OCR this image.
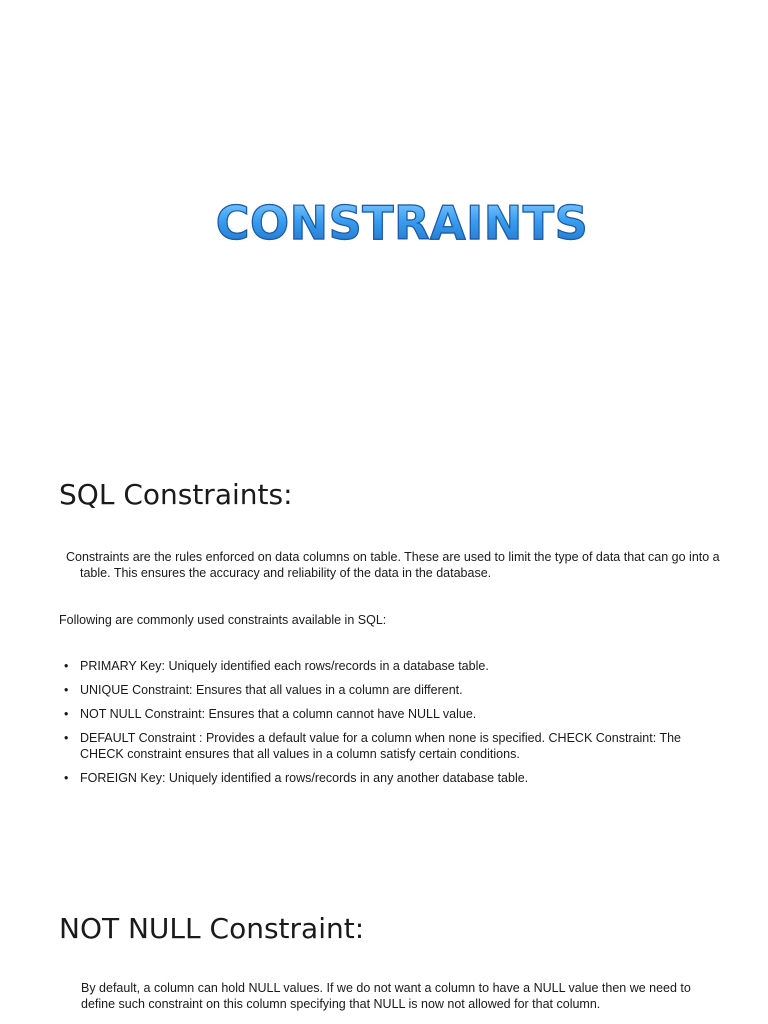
CONSTRAINTS
SQL Constraints:

Constraints are the rules enforced on data columns on table. These are used to limit the type of data that can go into a table. This ensures the accuracy and reliability of the data in the database.

Following are commonly used constraints available in SQL:

• PRIMARY Key: Uniquely identified each rows/records in a database table.
• UNIQUE Constraint: Ensures that all values in a column are different.
• NOT NULL Constraint: Ensures that a column cannot have NULL value.
• DEFAULT Constraint : Provides a default value for a column when none is specified. CHECK Constraint: The CHECK constraint ensures that all values in a column satisfy certain conditions.
• FOREIGN Key: Uniquely identified a rows/records in any another database table.
NOT NULL Constraint:

By default, a column can hold NULL values. If we do not want a column to have a NULL value then we need to define such constraint on this column specifying that NULL is now not allowed for that column.
